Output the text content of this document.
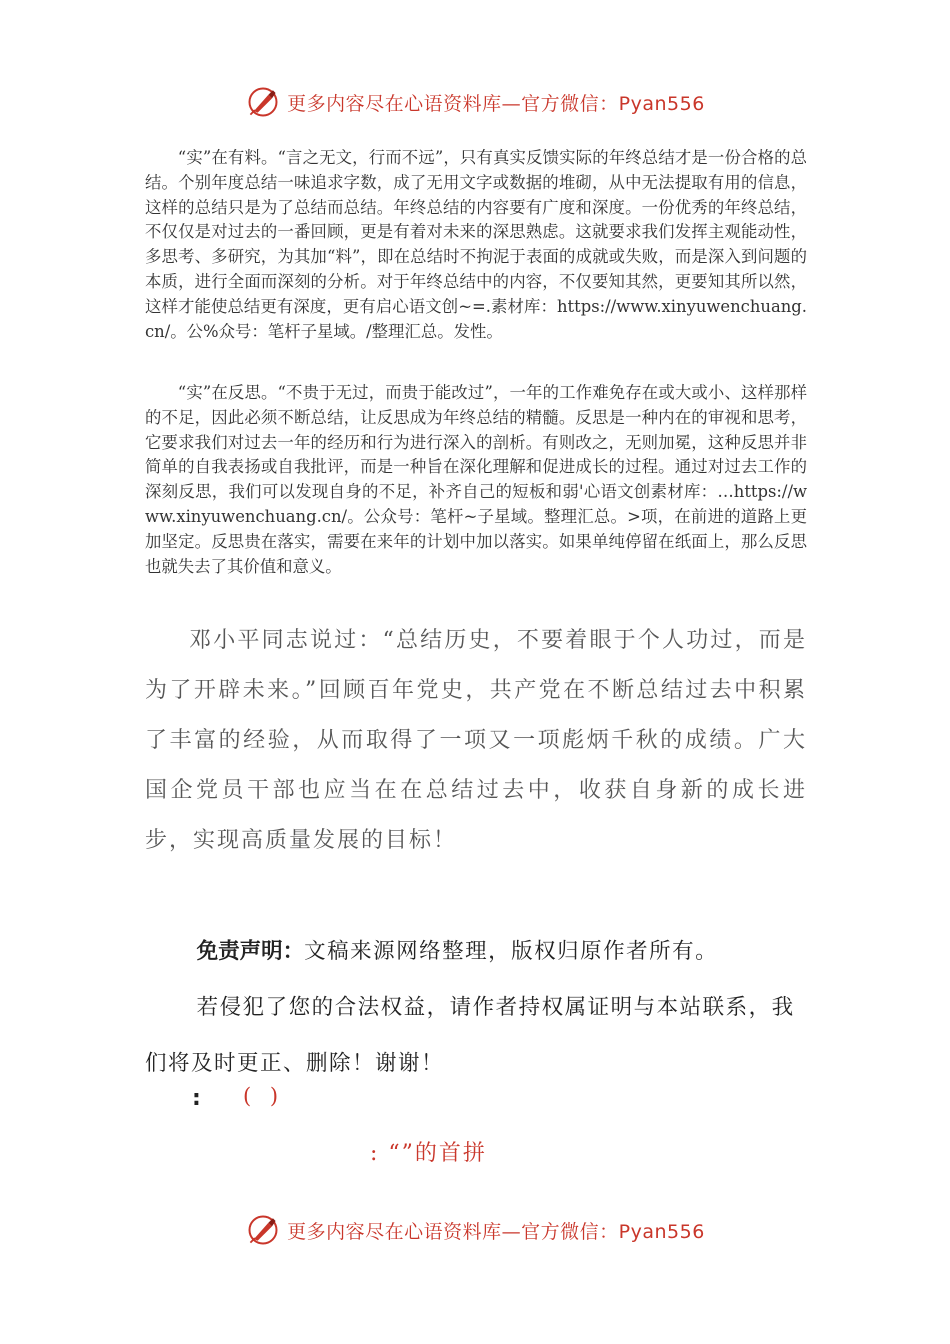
更多内容尽在心语资料库—官方微信：Pyan556
“实”在有料。“言之无文，行而不远”，只有真实反馈实际的年终总结才是一份合格的总结。个别年度总结一味追求字数，成了无用文字或数据的堆砌，从中无法提取有用的信息，这样的总结只是为了总结而总结。年终总结的内容要有广度和深度。一份优秀的年终总结，不仅仅是对过去的一番回顾，更是有着对未来的深思熟虑。这就要求我们发挥主观能动性，多思考、多研究，为其加“料”，即在总结时不拘泥于表面的成就或失败，而是深入到问题的本质，进行全面而深刻的分析。对于年终总结中的内容，不仅要知其然，更要知其所以然，这样才能使总结更有深度，更有启心语文创~=.素材库：https://www.xinyuwenchuang.cn/。公%众号：笔杆子星域。/整理汇总。发性。
“实”在反思。“不贵于无过，而贵于能改过”，一年的工作难免存在或大或小、这样那样的不足，因此必须不断总结，让反思成为年终总结的精髓。反思是一种内在的审视和思考，它要求我们对过去一年的经历和行为进行深入的剖析。有则改之，无则加冕，这种反思并非简单的自我表扬或自我批评，而是一种旨在深化理解和促进成长的过程。通过对过去工作的深刻反思，我们可以发现自身的不足，补齐自己的短板和弱'心语文创素材库：…https://www.xinyuwenchuang.cn/。公众号：笔杆~子星域。整理汇总。>项，在前进的道路上更加坚定。反思贵在落实，需要在来年的计划中加以落实。如果单纯停留在纸面上，那么反思也就失去了其价值和意义。
邓小平同志说过：“总结历史，不要着眼于个人功过，而是为了开辟未来。”回顾百年党史，共产党在不断总结过去中积累了丰富的经验，从而取得了一项又一项彪炳千秋的成绩。广大国企党员干部也应当在在总结过去中，收获自身新的成长进步，实现高质量发展的目标！
免责声明：文稿来源网络整理，版权归原作者所有。
若侵犯了您的合法权益，请作者持权属证明与本站联系，我们将及时更正、删除！谢谢！
: ( )
: “”的首拼
更多内容尽在心语资料库—官方微信：Pyan556
